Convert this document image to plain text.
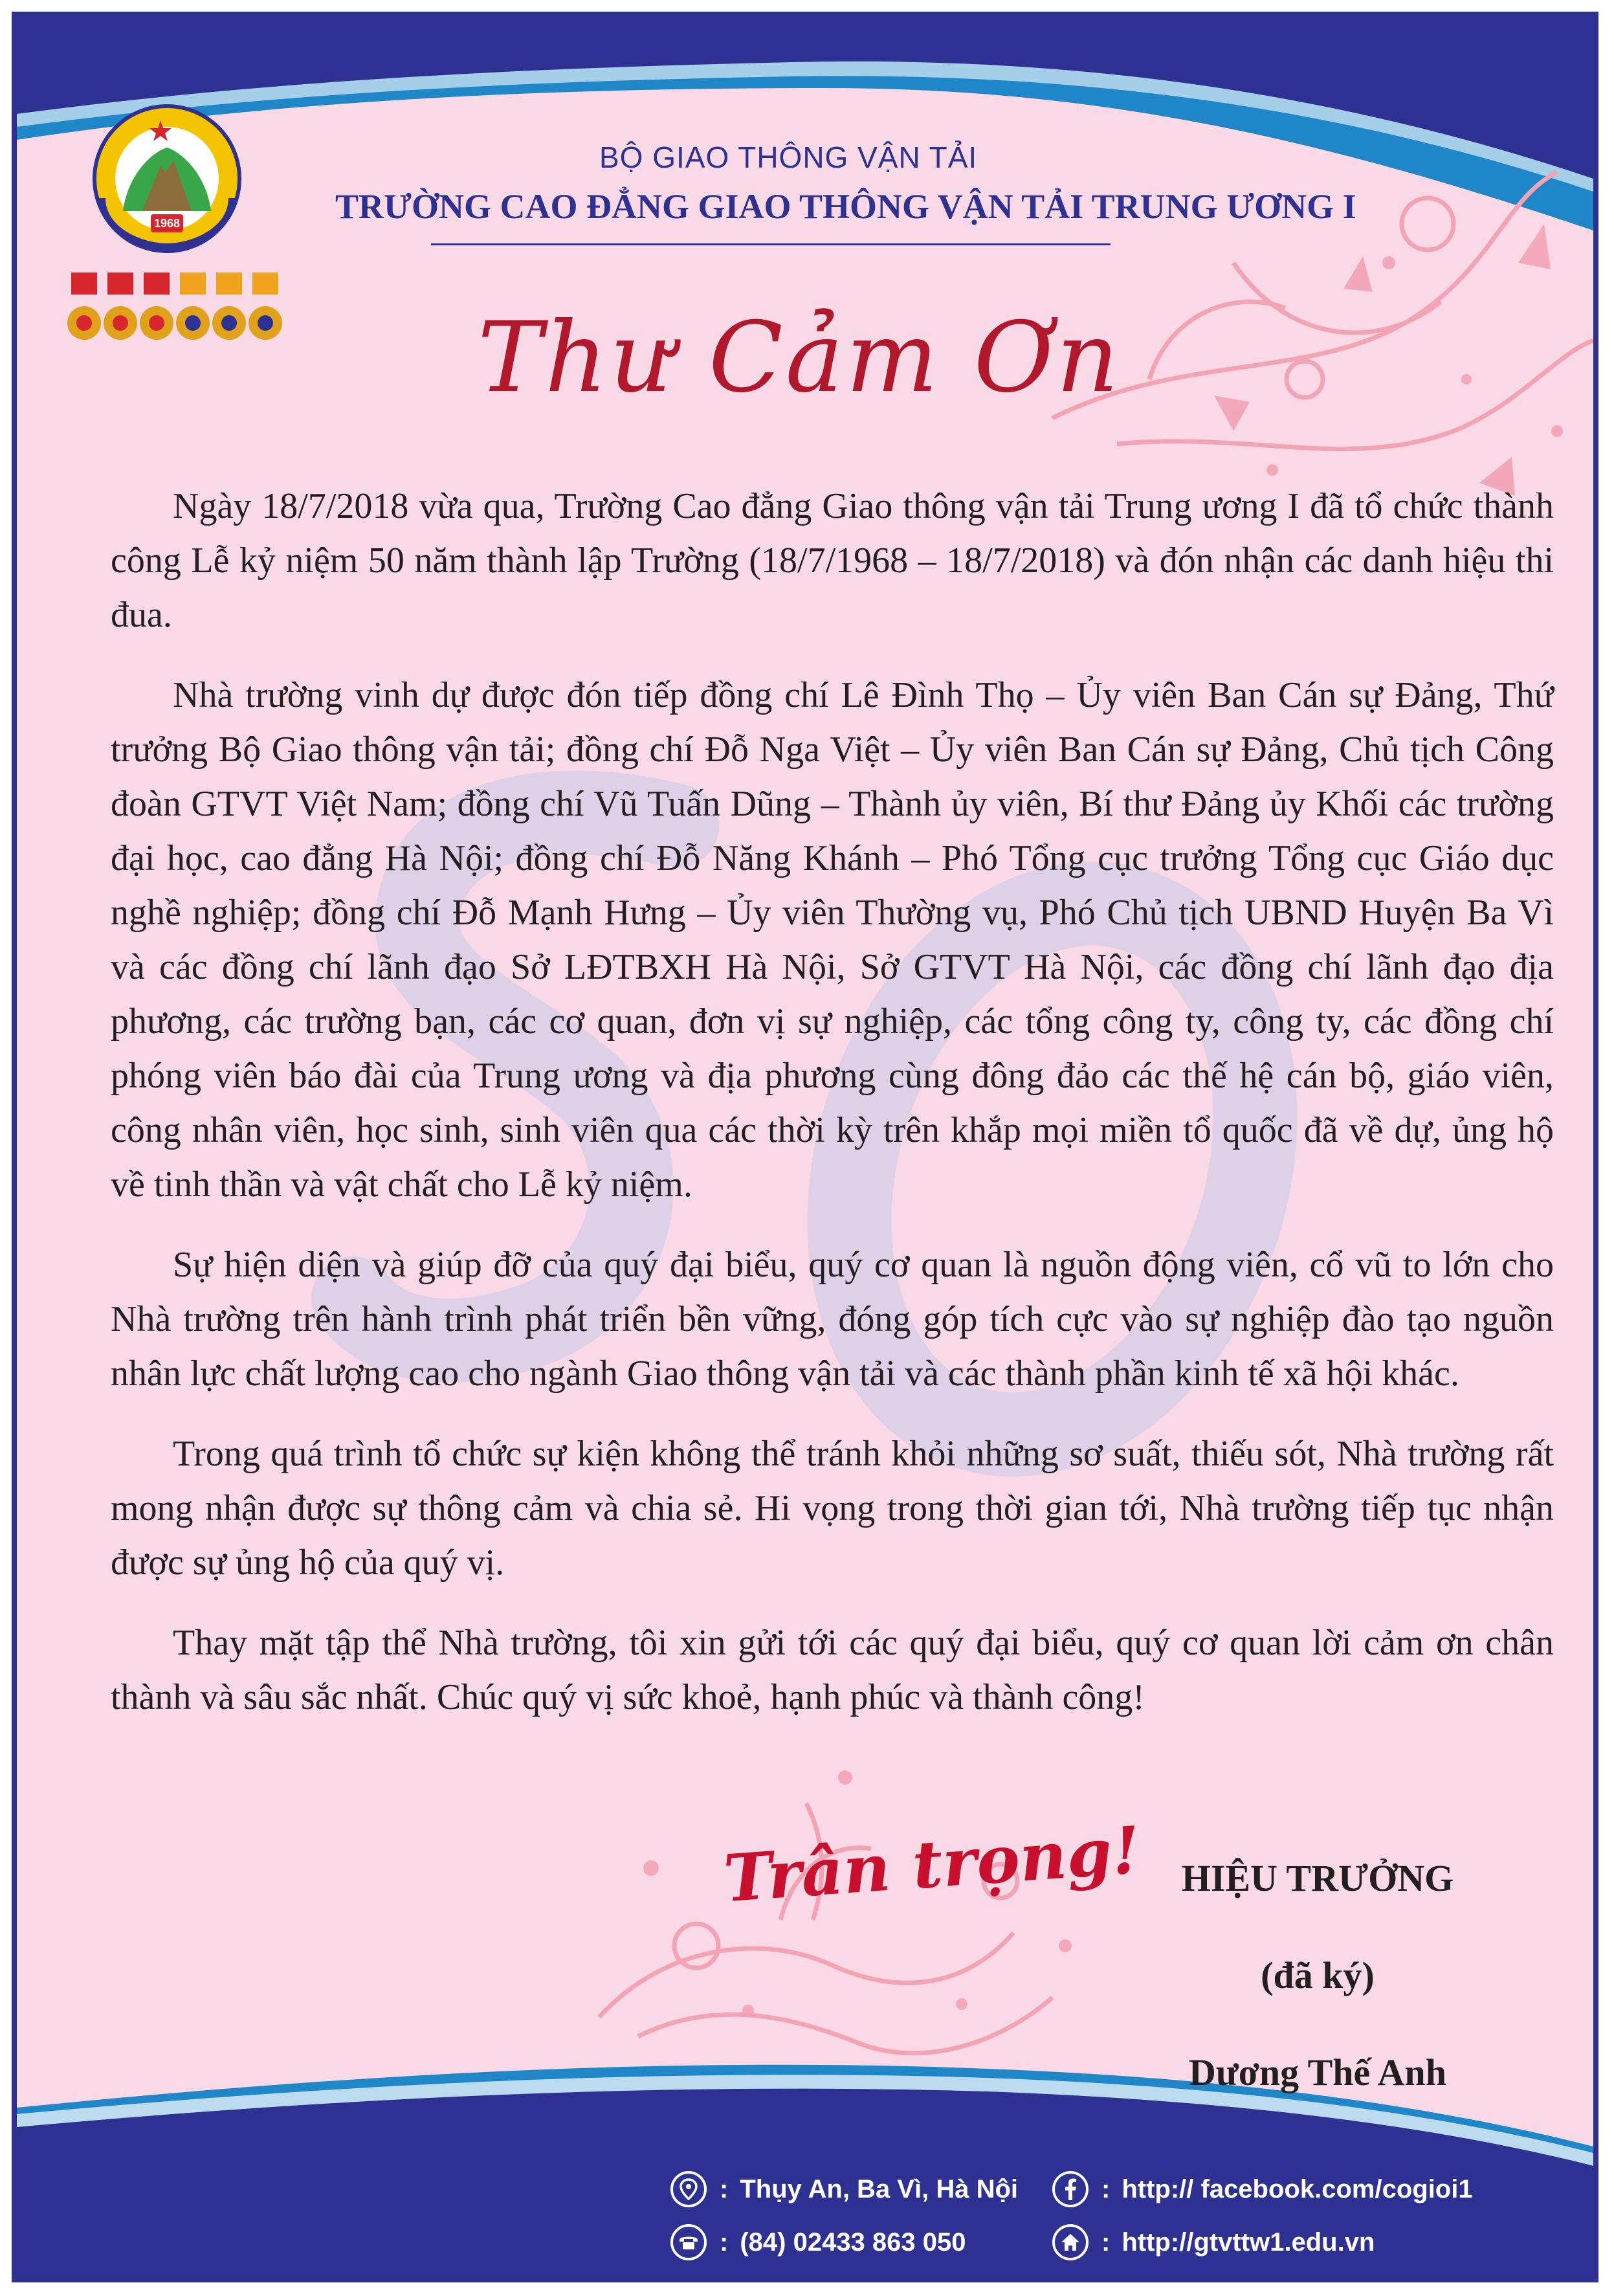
1968
BỘ GIAO THÔNG VẬN TẢI
TRƯỜNG CAO ĐẲNG GIAO THÔNG VẬN TẢI TRUNG ƯƠNG I
Thư Cảm Ơn

Ngày 18/7/2018 vừa qua, Trường Cao đẳng Giao thông vận tải Trung ương I đã tổ chức thành công Lễ kỷ niệm 50 năm thành lập Trường (18/7/1968 – 18/7/2018) và đón nhận các danh hiệu thi đua.

Nhà trường vinh dự được đón tiếp đồng chí Lê Đình Thọ – Ủy viên Ban Cán sự Đảng, Thứ trưởng Bộ Giao thông vận tải; đồng chí Đỗ Nga Việt – Ủy viên Ban Cán sự Đảng, Chủ tịch Công đoàn GTVT Việt Nam; đồng chí Vũ Tuấn Dũng – Thành ủy viên, Bí thư Đảng ủy Khối các trường đại học, cao đẳng Hà Nội; đồng chí Đỗ Năng Khánh – Phó Tổng cục trưởng Tổng cục Giáo dục nghề nghiệp; đồng chí Đỗ Mạnh Hưng – Ủy viên Thường vụ, Phó Chủ tịch UBND Huyện Ba Vì và các đồng chí lãnh đạo Sở LĐTBXH Hà Nội, Sở GTVT Hà Nội, các đồng chí lãnh đạo địa phương, các trường bạn, các cơ quan, đơn vị sự nghiệp, các tổng công ty, công ty, các đồng chí phóng viên báo đài của Trung ương và địa phương cùng đông đảo các thế hệ cán bộ, giáo viên, công nhân viên, học sinh, sinh viên qua các thời kỳ trên khắp mọi miền tổ quốc đã về dự, ủng hộ về tinh thần và vật chất cho Lễ kỷ niệm.

Sự hiện diện và giúp đỡ của quý đại biểu, quý cơ quan là nguồn động viên, cổ vũ to lớn cho Nhà trường trên hành trình phát triển bền vững, đóng góp tích cực vào sự nghiệp đào tạo nguồn nhân lực chất lượng cao cho ngành Giao thông vận tải và các thành phần kinh tế xã hội khác.

Trong quá trình tổ chức sự kiện không thể tránh khỏi những sơ suất, thiếu sót, Nhà trường rất mong nhận được sự thông cảm và chia sẻ. Hi vọng trong thời gian tới, Nhà trường tiếp tục nhận được sự ủng hộ của quý vị.

Thay mặt tập thể Nhà trường, tôi xin gửi tới các quý đại biểu, quý cơ quan lời cảm ơn chân thành và sâu sắc nhất. Chúc quý vị sức khoẻ, hạnh phúc và thành công!

Trân trọng!	HIỆU TRƯỞNG
(đã ký)
Dương Thế Anh
: Thụy An, Ba Vì, Hà Nội
: (84) 02433 863 050
: http:// facebook.com/cogioi1
: http://gtvttw1.edu.vn
